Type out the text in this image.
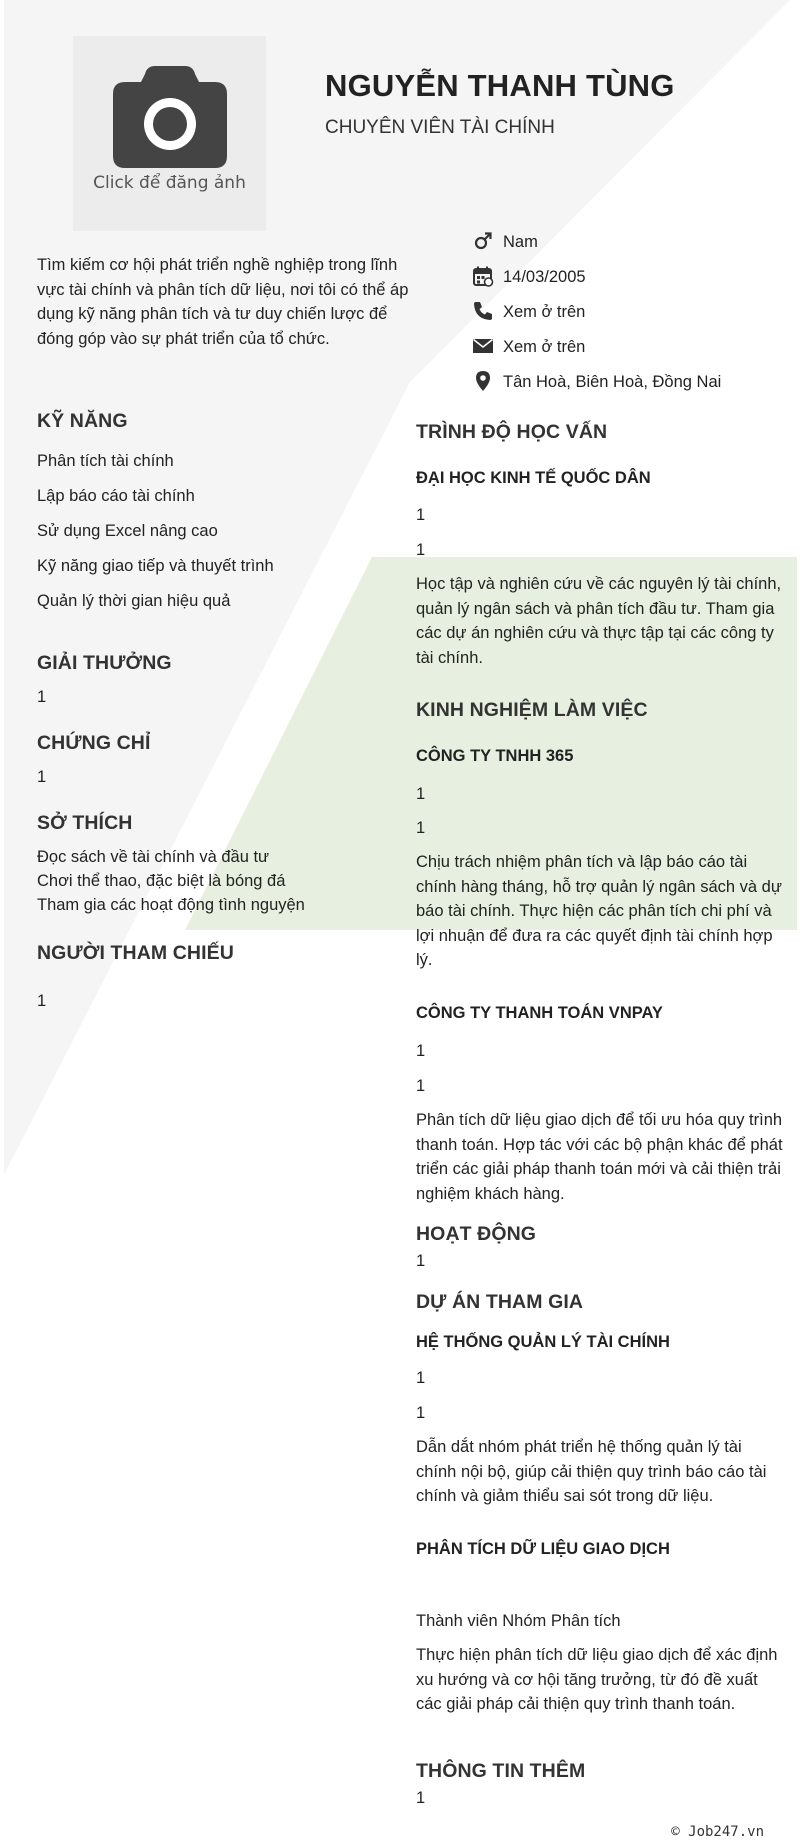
Click để đăng ảnh
NGUYỄN THANH TÙNG
CHUYÊN VIÊN TÀI CHÍNH
Tìm kiếm cơ hội phát triển nghề nghiệp trong lĩnh vực tài chính và phân tích dữ liệu, nơi tôi có thể áp dụng kỹ năng phân tích và tư duy chiến lược để đóng góp vào sự phát triển của tổ chức.
Nam
14/03/2005
Xem ở trên
Xem ở trên
Tân Hoà, Biên Hoà, Đồng Nai
KỸ NĂNG
Phân tích tài chính
Lập báo cáo tài chính
Sử dụng Excel nâng cao
Kỹ năng giao tiếp và thuyết trình
Quản lý thời gian hiệu quả
GIẢI THƯỞNG
1
CHỨNG CHỈ
1
SỞ THÍCH
Đọc sách về tài chính và đầu tư
Chơi thể thao, đặc biệt là bóng đá
Tham gia các hoạt động tình nguyện
NGƯỜI THAM CHIẾU
1
TRÌNH ĐỘ HỌC VẤN
ĐẠI HỌC KINH TẾ QUỐC DÂN
1
1
Học tập và nghiên cứu về các nguyên lý tài chính, quản lý ngân sách và phân tích đầu tư. Tham gia các dự án nghiên cứu và thực tập tại các công ty tài chính.
KINH NGHIỆM LÀM VIỆC
CÔNG TY TNHH 365
1
1
Chịu trách nhiệm phân tích và lập báo cáo tài chính hàng tháng, hỗ trợ quản lý ngân sách và dự báo tài chính. Thực hiện các phân tích chi phí và lợi nhuận để đưa ra các quyết định tài chính hợp lý.
CÔNG TY THANH TOÁN VNPAY
1
1
Phân tích dữ liệu giao dịch để tối ưu hóa quy trình thanh toán. Hợp tác với các bộ phận khác để phát triển các giải pháp thanh toán mới và cải thiện trải nghiệm khách hàng.
HOẠT ĐỘNG
1
DỰ ÁN THAM GIA
HỆ THỐNG QUẢN LÝ TÀI CHÍNH
1
1
Dẫn dắt nhóm phát triển hệ thống quản lý tài chính nội bộ, giúp cải thiện quy trình báo cáo tài chính và giảm thiểu sai sót trong dữ liệu.
PHÂN TÍCH DỮ LIỆU GIAO DỊCH
Thành viên Nhóm Phân tích
Thực hiện phân tích dữ liệu giao dịch để xác định xu hướng và cơ hội tăng trưởng, từ đó đề xuất các giải pháp cải thiện quy trình thanh toán.
THÔNG TIN THÊM
1
© Job247.vn
